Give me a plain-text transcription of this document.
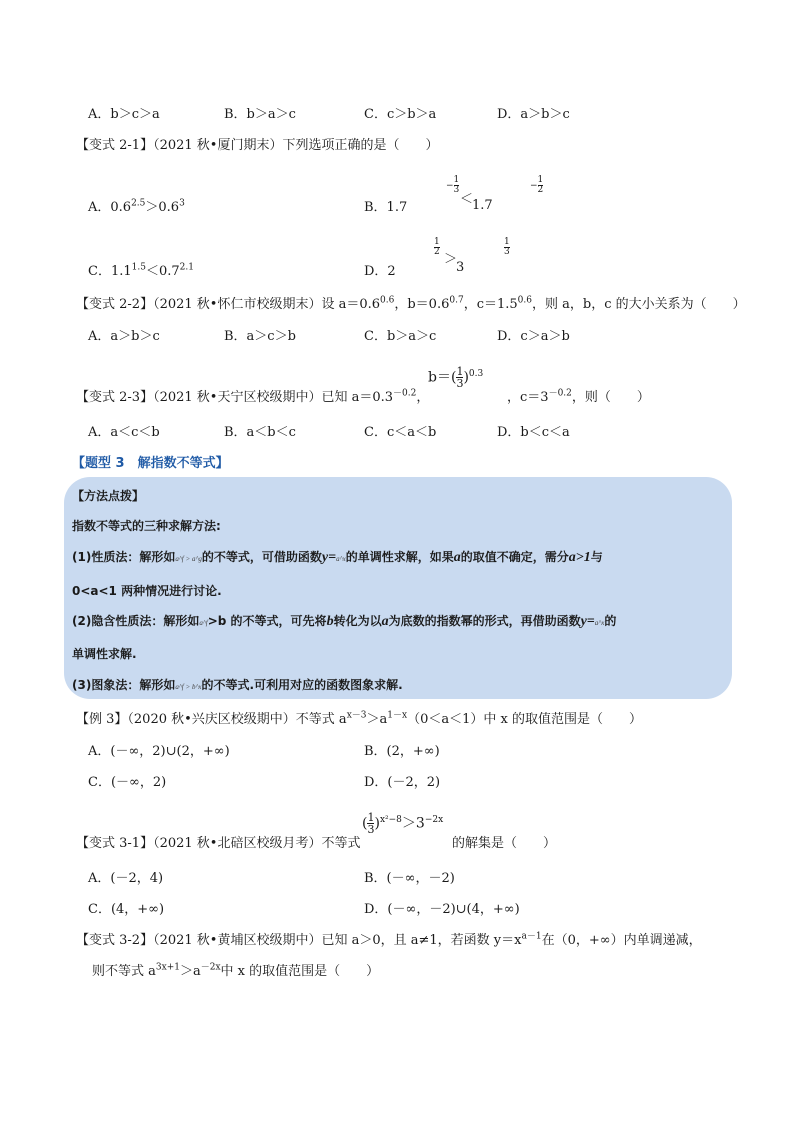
A．b＞c＞a	B．b＞a＞c	C．c＞b＞a	D．a＞b＞c
【变式 2-1】（2021 秋•厦门期末）下列选项正确的是（　　）
A．$0.6^{2.5}>0.6^3$	B．1.7
− $\frac{1}{3}$
＜
1.7
− $\frac{1}{2}$
C．$1.1^{1.5}<0.7^{2.1}$	D．2
$\frac{1}{2}$
＞
3
$\frac{1}{3}$
【变式 2-2】（2021 秋•怀仁市校级期末）设 $a=0.6^{0.6}$，$b=0.6^{0.7}$，$c=1.5^{0.6}$，则 a，b，c 的大小关系为（　　）
A．a＞b＞c	B．a＞c＞b	C．b＞a＞c	D．c＞a＞b
【变式 2-3】（2021 秋•天宁区校级期中）已知 $a=0.3^{-0.2}$，
$b=( \frac{1}{3} )^{0.3}$
，$c=3^{-0.2}$，则（　　）
A．a＜c＜b	B．a＜b＜c	C．c＜a＜b	D．b＜c＜a
【题型 3　解指数不等式】
【方法点拨】
指数不等式的三种求解方法:
(1)性质法：解形如a^f > a^g的不等式，可借助函数y=a^x的单调性求解，如果a的取值不确定，需分a>1与
0<a<1 两种情况进行讨论.
(2)隐含性质法：解形如a^f>b 的不等式，可先将b转化为以a为底数的指数幂的形式，再借助函数y=a^x的
单调性求解.
(3)图象法：解形如a^f > b^x的不等式.可利用对应的函数图象求解.
【例 3】（2020 秋•兴庆区校级期中）不等式 $a^{x-3}>a^{1-x}(0<a<1)$中 x 的取值范围是（　　）
A．(－∞，2)∪(2，+∞)	B．(2，+∞)
C．(－∞，2)	D．(－2，2)
【变式 3-1】（2021 秋•北碚区校级月考）不等式
( $\frac{1}{3} )^{x^2-8}>3^{-2x}$
的解集是（　　）
A．(－2，4)	B．(－∞，－2)
C．(4，+∞)	D．(－∞，－2)∪(4，+∞)
【变式 3-2】（2021 秋•黄埔区校级期中）已知 a＞0，且 a≠1，若函数 $y=x^{a-1}$在（0，+∞）内单调递减，
则不等式 $a^{3x+1}>a^{-2x}$中 x 的取值范围是（　　）
